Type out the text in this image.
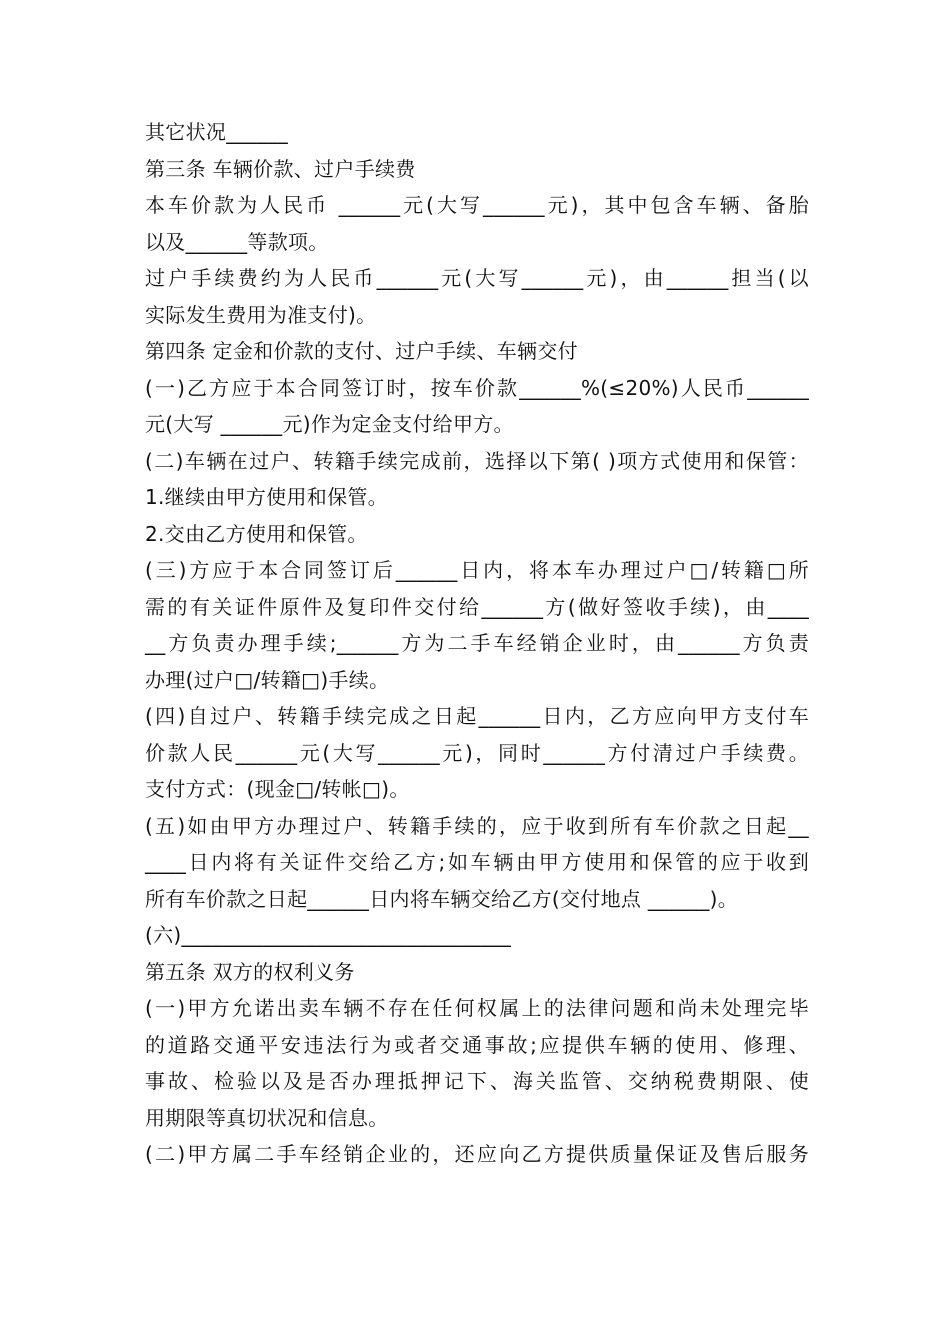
其它状况______
第三条 车辆价款、过户手续费
本车价款为人民币 ______元(大写______元)，其中包含车辆、备胎
以及______等款项。
过户手续费约为人民币______元(大写______元)，由______担当(以
实际发生费用为准支付)。
第四条 定金和价款的支付、过户手续、车辆交付
(一)乙方应于本合同签订时，按车价款______%(≤20%)人民币______
元(大写 ______元)作为定金支付给甲方。
(二)车辆在过户、转籍手续完成前，选择以下第( )项方式使用和保管：
1.继续由甲方使用和保管。
2.交由乙方使用和保管。
(三)方应于本合同签订后______日内，将本车办理过户□/转籍□所
需的有关证件原件及复印件交付给______方(做好签收手续)，由____
__方负责办理手续;______方为二手车经销企业时，由______方负责
办理(过户□/转籍□)手续。
(四)自过户、转籍手续完成之日起______日内，乙方应向甲方支付车
价款人民______元(大写______元)，同时______方付清过户手续费。
支付方式：(现金□/转帐□)。
(五)如由甲方办理过户、转籍手续的，应于收到所有车价款之日起__
____日内将有关证件交给乙方;如车辆由甲方使用和保管的应于收到
所有车价款之日起______日内将车辆交给乙方(交付地点 ______)。
(六)________________________________
第五条 双方的权利义务
(一)甲方允诺出卖车辆不存在任何权属上的法律问题和尚未处理完毕
的道路交通平安违法行为或者交通事故;应提供车辆的使用、修理、
事故、检验以及是否办理抵押记下、海关监管、交纳税费期限、使
用期限等真切状况和信息。
(二)甲方属二手车经销企业的，还应向乙方提供质量保证及售后服务
